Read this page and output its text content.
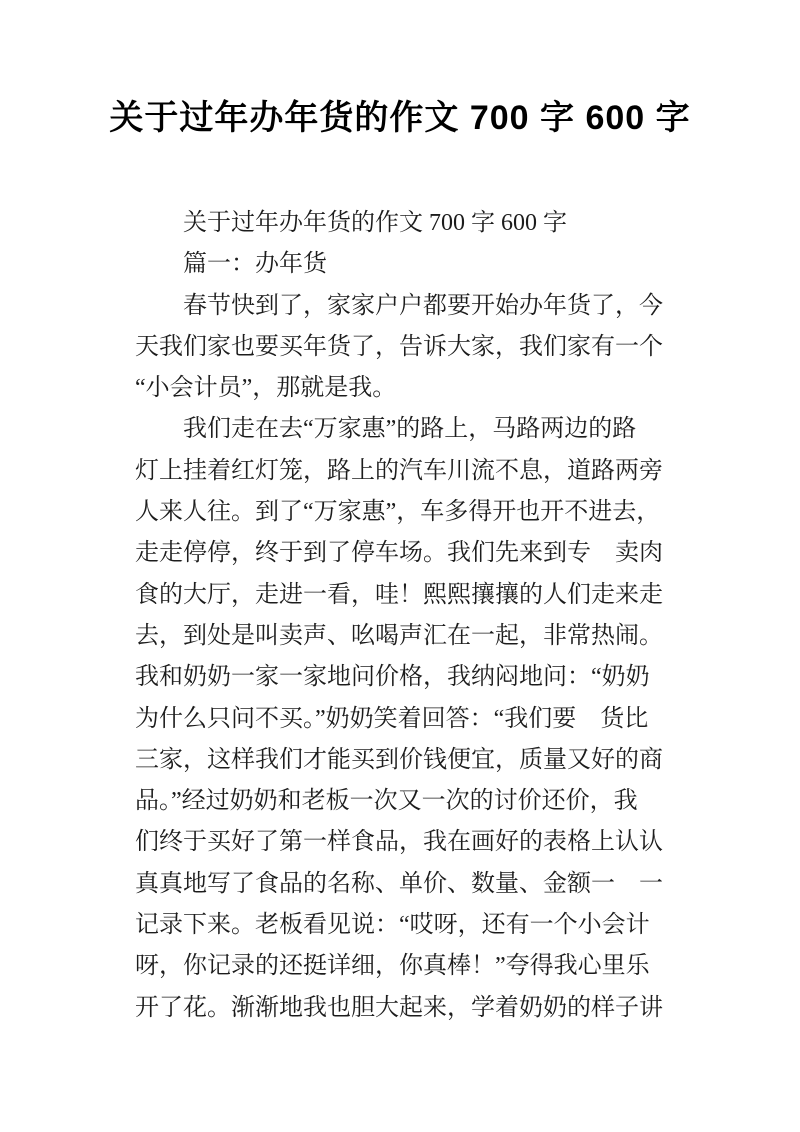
关于过年办年货的作文 700 字 600 字
关于过年办年货的作文 700 字 600 字
篇一：办年货
春节快到了，家家户户都要开始办年货了，今
天我们家也要买年货了，告诉大家，我们家有一个
“小会计员”，那就是我。
我们走在去“万家惠”的路上，马路两边的路
灯上挂着红灯笼，路上的汽车川流不息，道路两旁
人来人往。到了“万家惠”，车多得开也开不进去，
走走停停，终于到了停车场。我们先来到专　卖肉
食的大厅，走进一看，哇！熙熙攘攘的人们走来走
去，到处是叫卖声、吆喝声汇在一起，非常热闹。
我和奶奶一家一家地问价格，我纳闷地问：“奶奶
为什么只问不买。”奶奶笑着回答：“我们要　货比
三家，这样我们才能买到价钱便宜，质量又好的商
品。”经过奶奶和老板一次又一次的讨价还价，我
们终于买好了第一样食品，我在画好的表格上认认
真真地写了食品的名称、单价、数量、金额一　一
记录下来。老板看见说：“哎呀，还有一个小会计
呀，你记录的还挺详细，你真棒！”夸得我心里乐
开了花。渐渐地我也胆大起来，学着奶奶的样子讲
